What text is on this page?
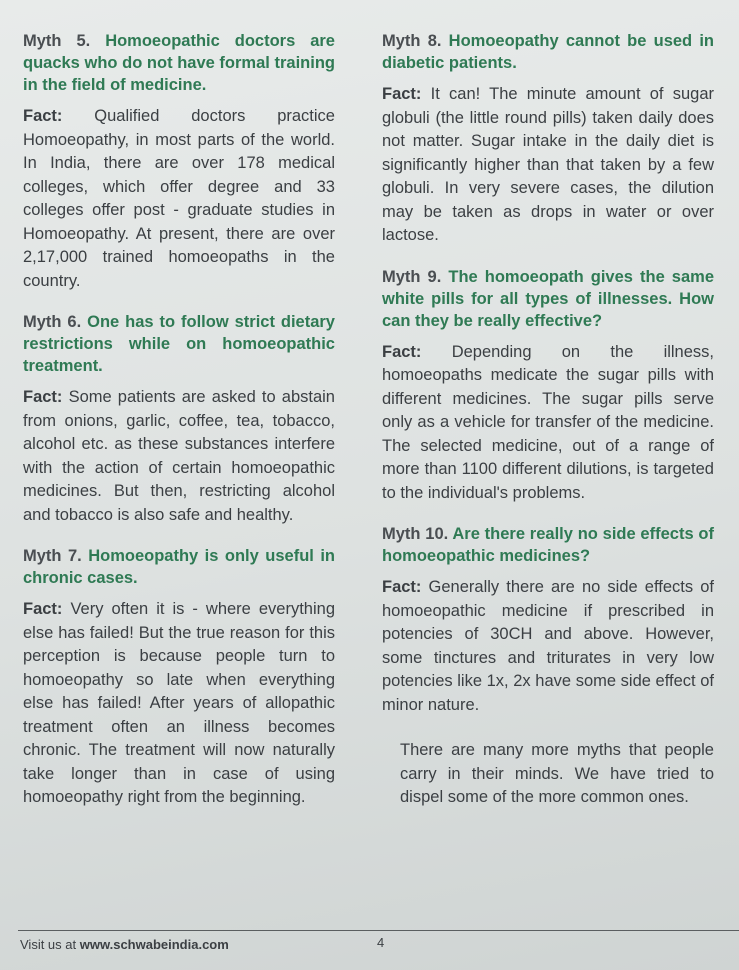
Myth 5. Homoeopathic doctors are quacks who do not have formal training in the field of medicine.

Fact: Qualified doctors practice Homoeopathy, in most parts of the world. In India, there are over 178 medical colleges, which offer degree and 33 colleges offer post - graduate studies in Homoeopathy. At present, there are over 2,17,000 trained homoeopaths in the country.

Myth 6. One has to follow strict dietary restrictions while on homoeopathic treatment.

Fact: Some patients are asked to abstain from onions, garlic, coffee, tea, tobacco, alcohol etc. as these substances interfere with the action of certain homoeopathic medicines. But then, restricting alcohol and tobacco is also safe and healthy.

Myth 7. Homoeopathy is only useful in chronic cases.

Fact: Very often it is - where everything else has failed! But the true reason for this perception is because people turn to homoeopathy so late when everything else has failed! After years of allopathic treatment often an illness becomes chronic. The treatment will now naturally take longer than in case of using homoeopathy right from the beginning.

Myth 8. Homoeopathy cannot be used in diabetic patients.

Fact: It can! The minute amount of sugar globuli (the little round pills) taken daily does not matter. Sugar intake in the daily diet is significantly higher than that taken by a few globuli. In very severe cases, the dilution may be taken as drops in water or over lactose.

Myth 9. The homoeopath gives the same white pills for all types of illnesses. How can they be really effective?

Fact: Depending on the illness, homoeopaths medicate the sugar pills with different medicines. The sugar pills serve only as a vehicle for transfer of the medicine. The selected medicine, out of a range of more than 1100 different dilutions, is targeted to the individual's problems.

Myth 10. Are there really no side effects of homoeopathic medicines?

Fact: Generally there are no side effects of homoeopathic medicine if prescribed in potencies of 30CH and above. However, some tinctures and triturates in very low potencies like 1x, 2x have some side effect of minor nature.

There are many more myths that people carry in their minds. We have tried to dispel some of the more common ones.

Visit us at www.schwabeindia.com	4
